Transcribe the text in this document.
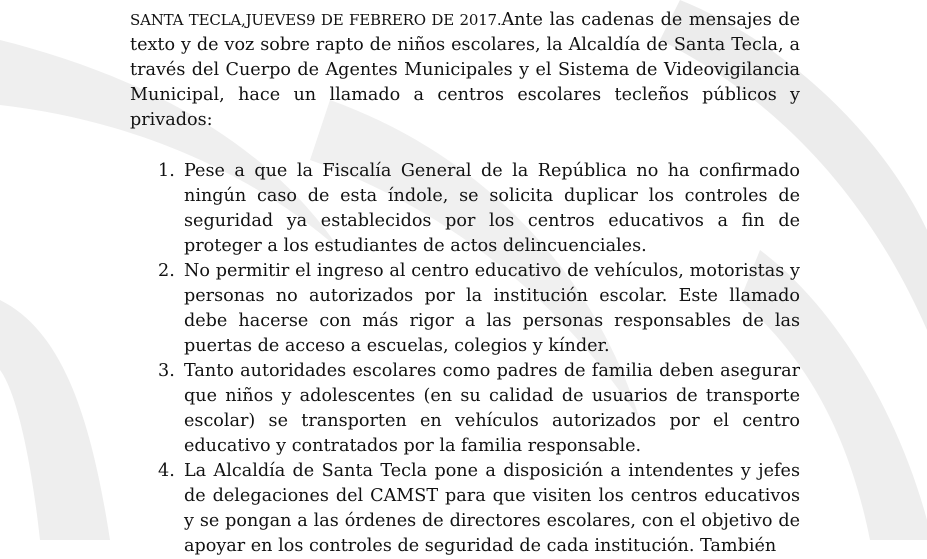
SANTA TECLA,JUEVES9 DE FEBRERO DE 2017.Ante las cadenas de mensajes de texto y de voz sobre rapto de niños escolares, la Alcaldía de Santa Tecla, a través del Cuerpo de Agentes Municipales y el Sistema de Videovigilancia Municipal, hace un llamado a centros escolares tecleños públicos y privados:

1. Pese a que la Fiscalía General de la República no ha confirmado ningún caso de esta índole, se solicita duplicar los controles de seguridad ya establecidos por los centros educativos a fin de proteger a los estudiantes de actos delincuenciales.
2. No permitir el ingreso al centro educativo de vehículos, motoristas y personas no autorizados por la institución escolar. Este llamado debe hacerse con más rigor a las personas responsables de las puertas de acceso a escuelas, colegios y kínder.
3. Tanto autoridades escolares como padres de familia deben asegurar que niños y adolescentes (en su calidad de usuarios de transporte escolar) se transporten en vehículos autorizados por el centro educativo y contratados por la familia responsable.
4. La Alcaldía de Santa Tecla pone a disposición a intendentes y jefes de delegaciones del CAMST para que visiten los centros educativos y se pongan a las órdenes de directores escolares, con el objetivo de apoyar en los controles de seguridad de cada institución. También
